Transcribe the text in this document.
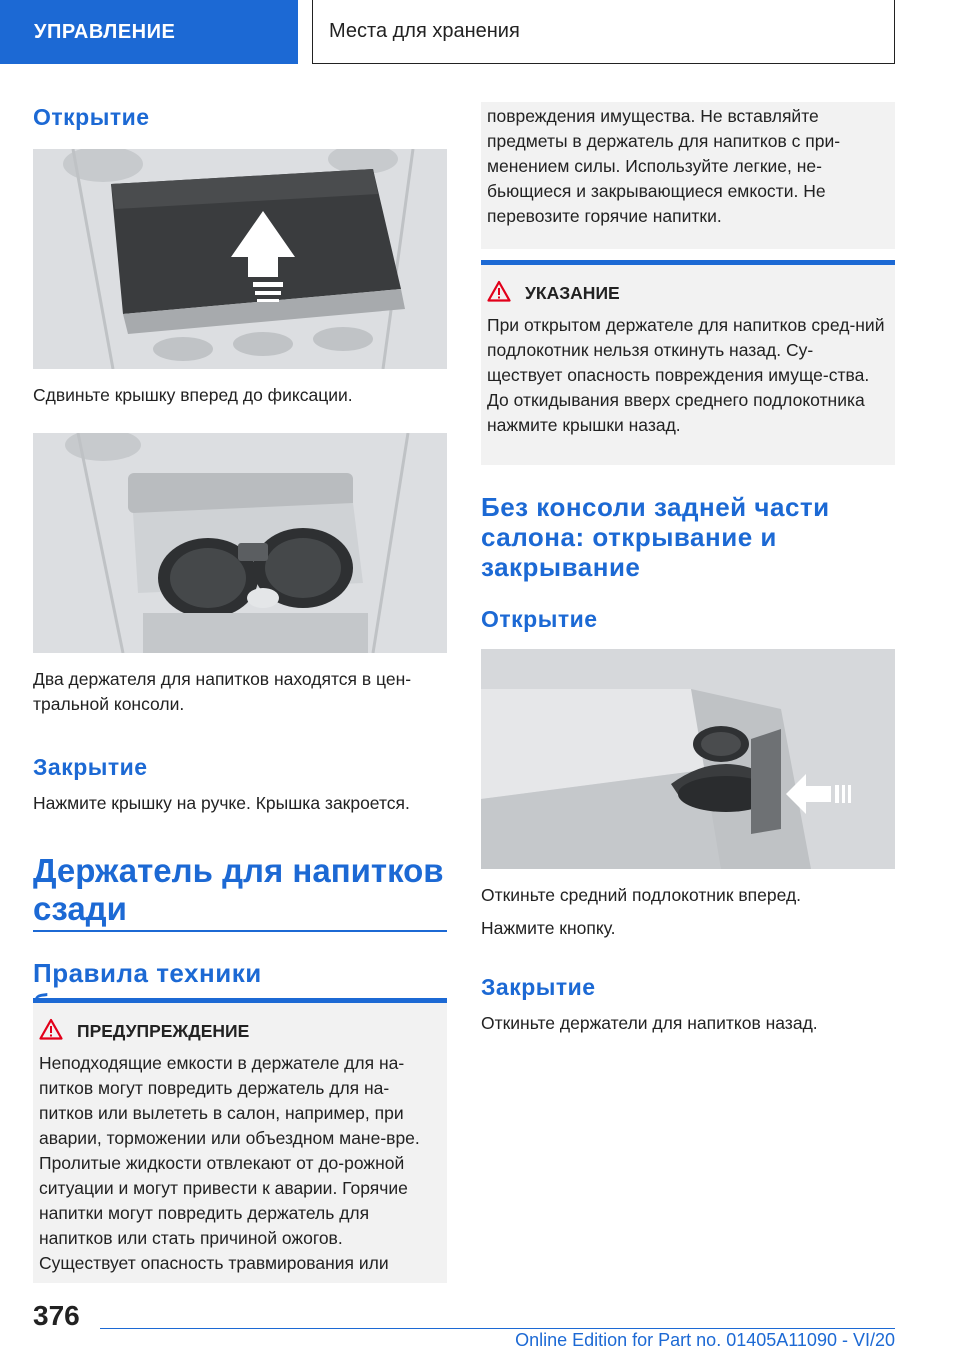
УПРАВЛЕНИЕ	Места для хранения
Открытие

Сдвиньте крышку вперед до фиксации.

Два держателя для напитков находятся в цен-тральной консоли.

Закрытие

Нажмите крышку на ручке. Крышка закроется.

Держатель для напитков сзади
Правила техники
ПРЕДУПРЕЖДЕНИЕ

Неподходящие емкости в держателе для на-питков могут повредить держатель для на-питков или вылететь в салон, например, при аварии, торможении или объездном мане-вре. Пролитые жидкости отвлекают от до-рожной ситуации и могут привести к аварии. Горячие напитки могут повредить держатель для напитков или стать причиной ожогов. Существует опасность травмирования или

повреждения имущества. Не вставляйте предметы в держатель для напитков с при-менением силы. Используйте легкие, не-бьющиеся и закрывающиеся емкости. Не перевозите горячие напитки.

УКАЗАНИЕ

При открытом держателе для напитков сред-ний подлокотник нельзя откинуть назад. Су-ществует опасность повреждения имуще-ства. До откидывания вверх среднего подлокотника нажмите крышки назад.

Без консоли задней части салона: открывание и закрывание
Открытие

Откиньте средний подлокотник вперед.

Нажмите кнопку.

Закрытие

Откиньте держатели для напитков назад.

376
Online Edition for Part no. 01405A11090 - VI/20
